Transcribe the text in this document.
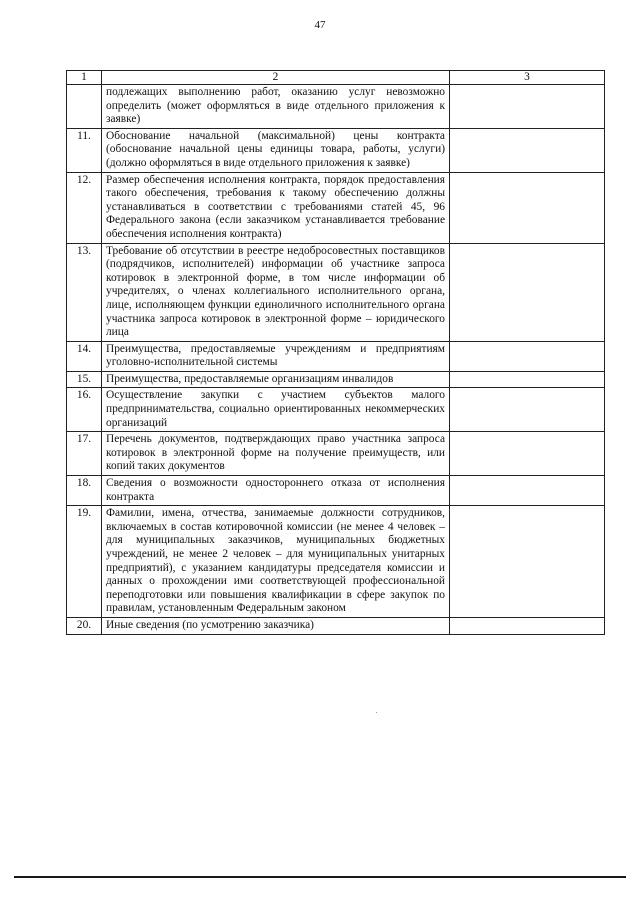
47
1	2	3
	подлежащих выполнению работ, оказанию услуг невозможно определить (может оформляться в виде отдельного приложения к заявке)	
11.	Обоснование начальной (максимальной) цены контракта (обоснование начальной цены единицы товара, работы, услуги) (должно оформляться в виде отдельного приложения к заявке)	
12.	Размер обеспечения исполнения контракта, порядок предоставления такого обеспечения, требования к такому обеспечению должны устанавливаться в соответствии с требованиями статей 45, 96 Федерального закона (если заказчиком устанавливается требование обеспечения исполнения контракта)	
13.	Требование об отсутствии в реестре недобросовестных поставщиков (подрядчиков, исполнителей) информации об участнике запроса котировок в электронной форме, в том числе информации об учредителях, о членах коллегиального исполнительного органа, лице, исполняющем функции единоличного исполнительного органа участника запроса котировок в электронной форме – юридического лица	
14.	Преимущества, предоставляемые учреждениям и предприятиям уголовно-исполнительной системы	
15.	Преимущества, предоставляемые организациям инвалидов	
16.	Осуществление закупки с участием субъектов малого предпринимательства, социально ориентированных некоммерческих организаций	
17.	Перечень документов, подтверждающих право участника запроса котировок в электронной форме на получение преимуществ, или копий таких документов	
18.	Сведения о возможности одностороннего отказа от исполнения контракта	
19.	Фамилии, имена, отчества, занимаемые должности сотрудников, включаемых в состав котировочной комиссии (не менее 4 человек – для муниципальных заказчиков, муниципальных бюджетных учреждений, не менее 2 человек – для муниципальных унитарных предприятий), с указанием кандидатуры председателя комиссии и данных о прохождении ими соответствующей профессиональной переподготовки или повышения квалификации в сфере закупок по правилам, установленным Федеральным законом	
20.	Иные сведения (по усмотрению заказчика)	
